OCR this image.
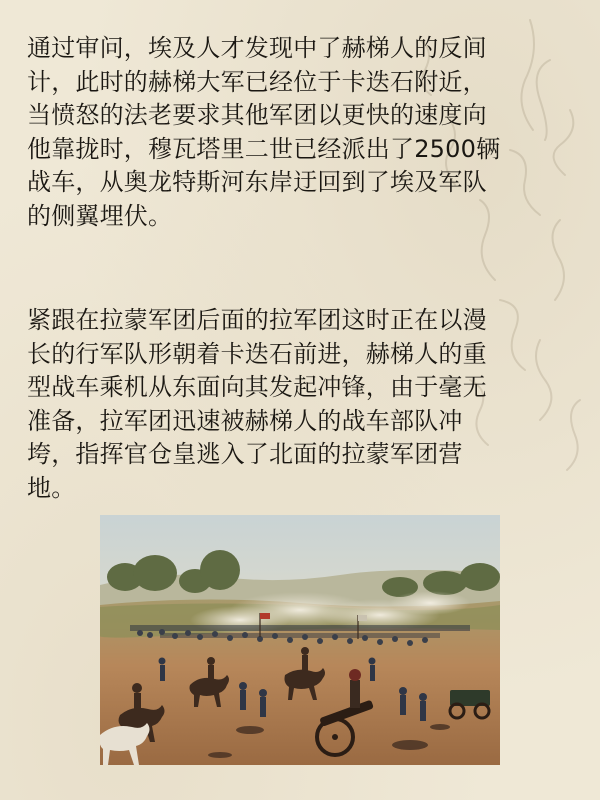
通过审问，埃及人才发现中了赫梯人的反间
计，此时的赫梯大军已经位于卡迭石附近，
当愤怒的法老要求其他军团以更快的速度向
他靠拢时，穆瓦塔里二世已经派出了2500辆
战车，从奥龙特斯河东岸迂回到了埃及军队
的侧翼埋伏。

紧跟在拉蒙军团后面的拉军团这时正在以漫
长的行军队形朝着卡迭石前进，赫梯人的重
型战车乘机从东面向其发起冲锋，由于毫无
准备，拉军团迅速被赫梯人的战车部队冲
垮，指挥官仓皇逃入了北面的拉蒙军团营
地。
